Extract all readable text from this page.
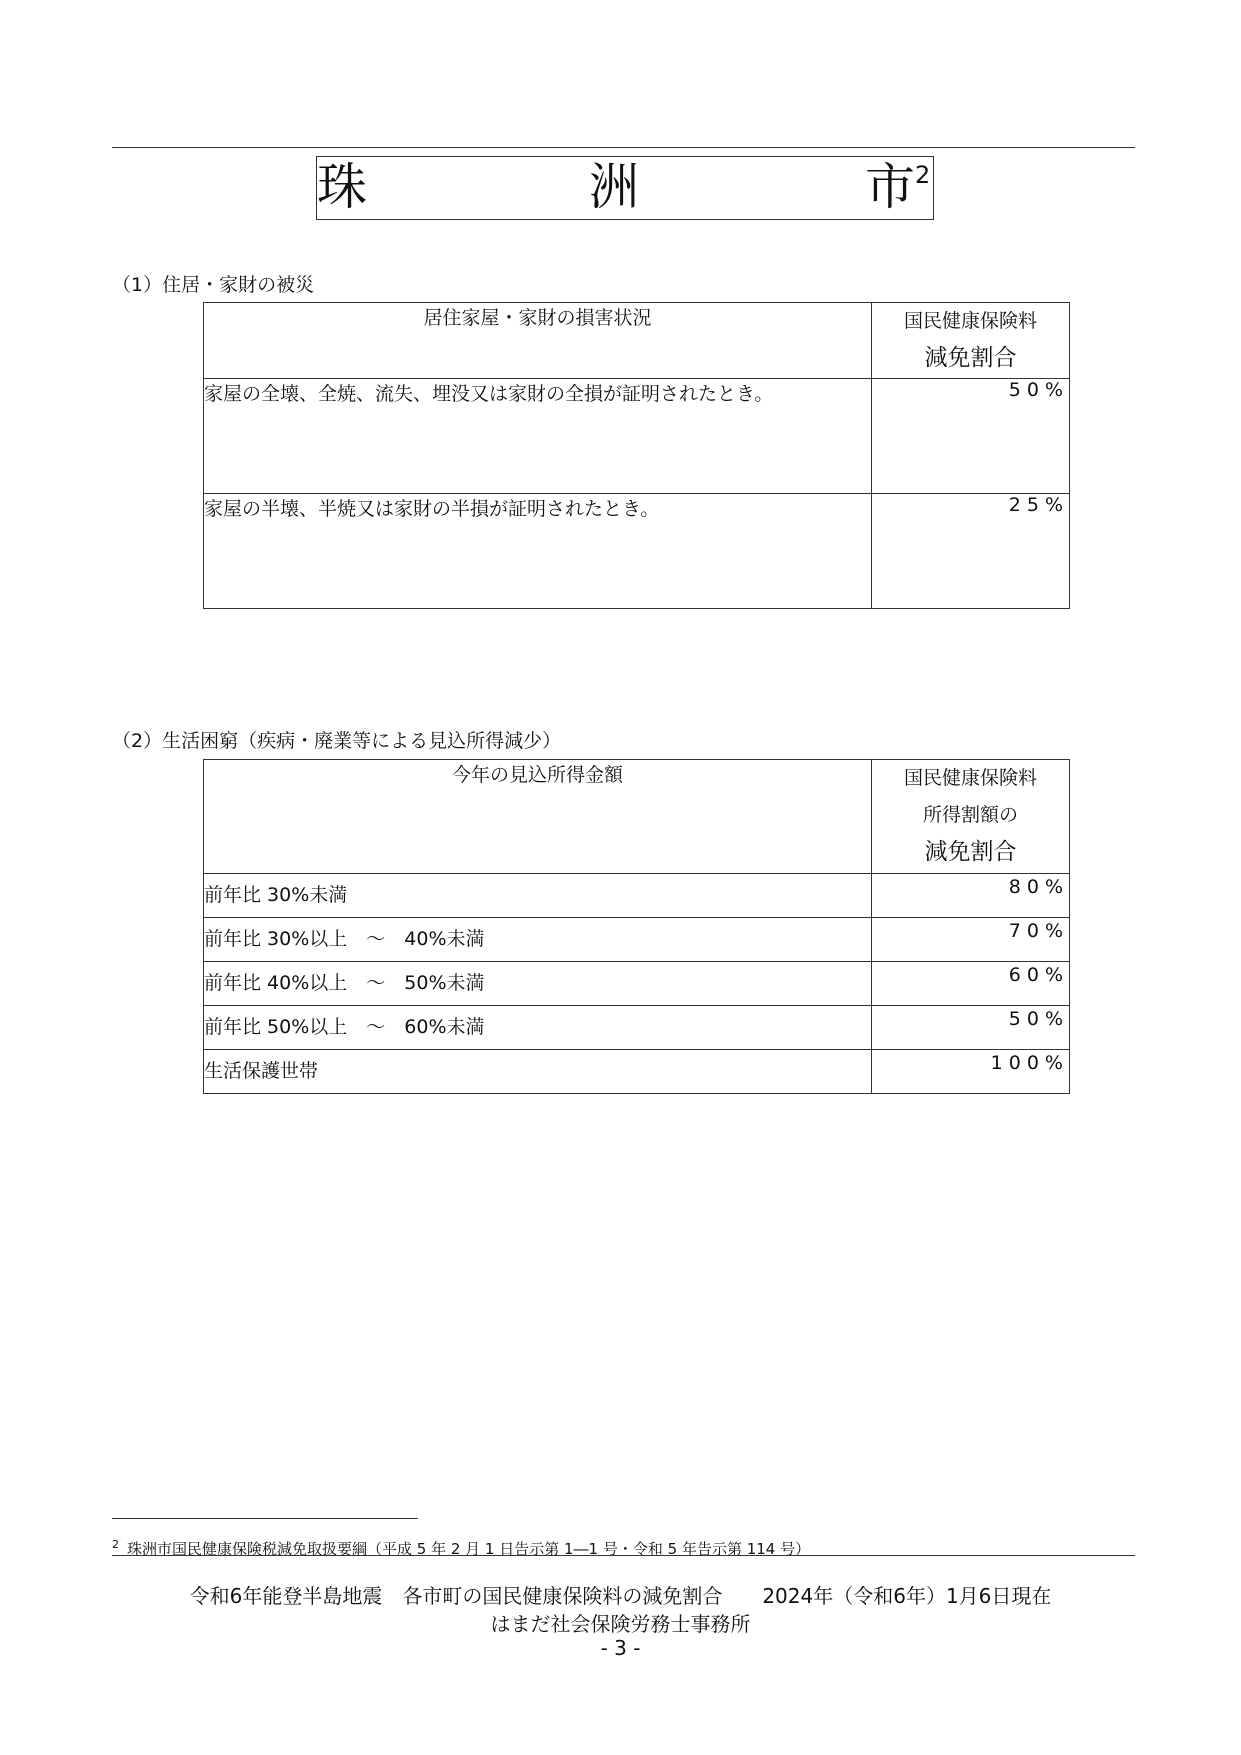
珠	洲	市 2
（1）住居・家財の被災
居住家屋・家財の損害状況	国民健康保険料
減免割合

家屋の全壊、全焼、流失、埋没又は家財の全損が証明されたとき。	50%
家屋の半壊、半焼又は家財の半損が証明されたとき。	25%
（2）生活困窮（疾病・廃業等による見込所得減少）
今年の見込所得金額	国民健康保険料
所得割額の
減免割合

前年比 30%未満	80%
前年比 30%以上　～　40%未満	70%
前年比 40%以上　～　50%未満	60%
前年比 50%以上　～　60%未満	50%
生活保護世帯	100%
$^2$ 珠洲市国民健康保険税減免取扱要綱（平成 5 年 2 月 1 日告示第 1―1 号・令和 5 年告示第 114 号）
令和6年能登半島地震　各市町の国民健康保険料の減免割合　　2024年（令和6年）1月6日現在
はまだ社会保険労務士事務所
- 3 -
